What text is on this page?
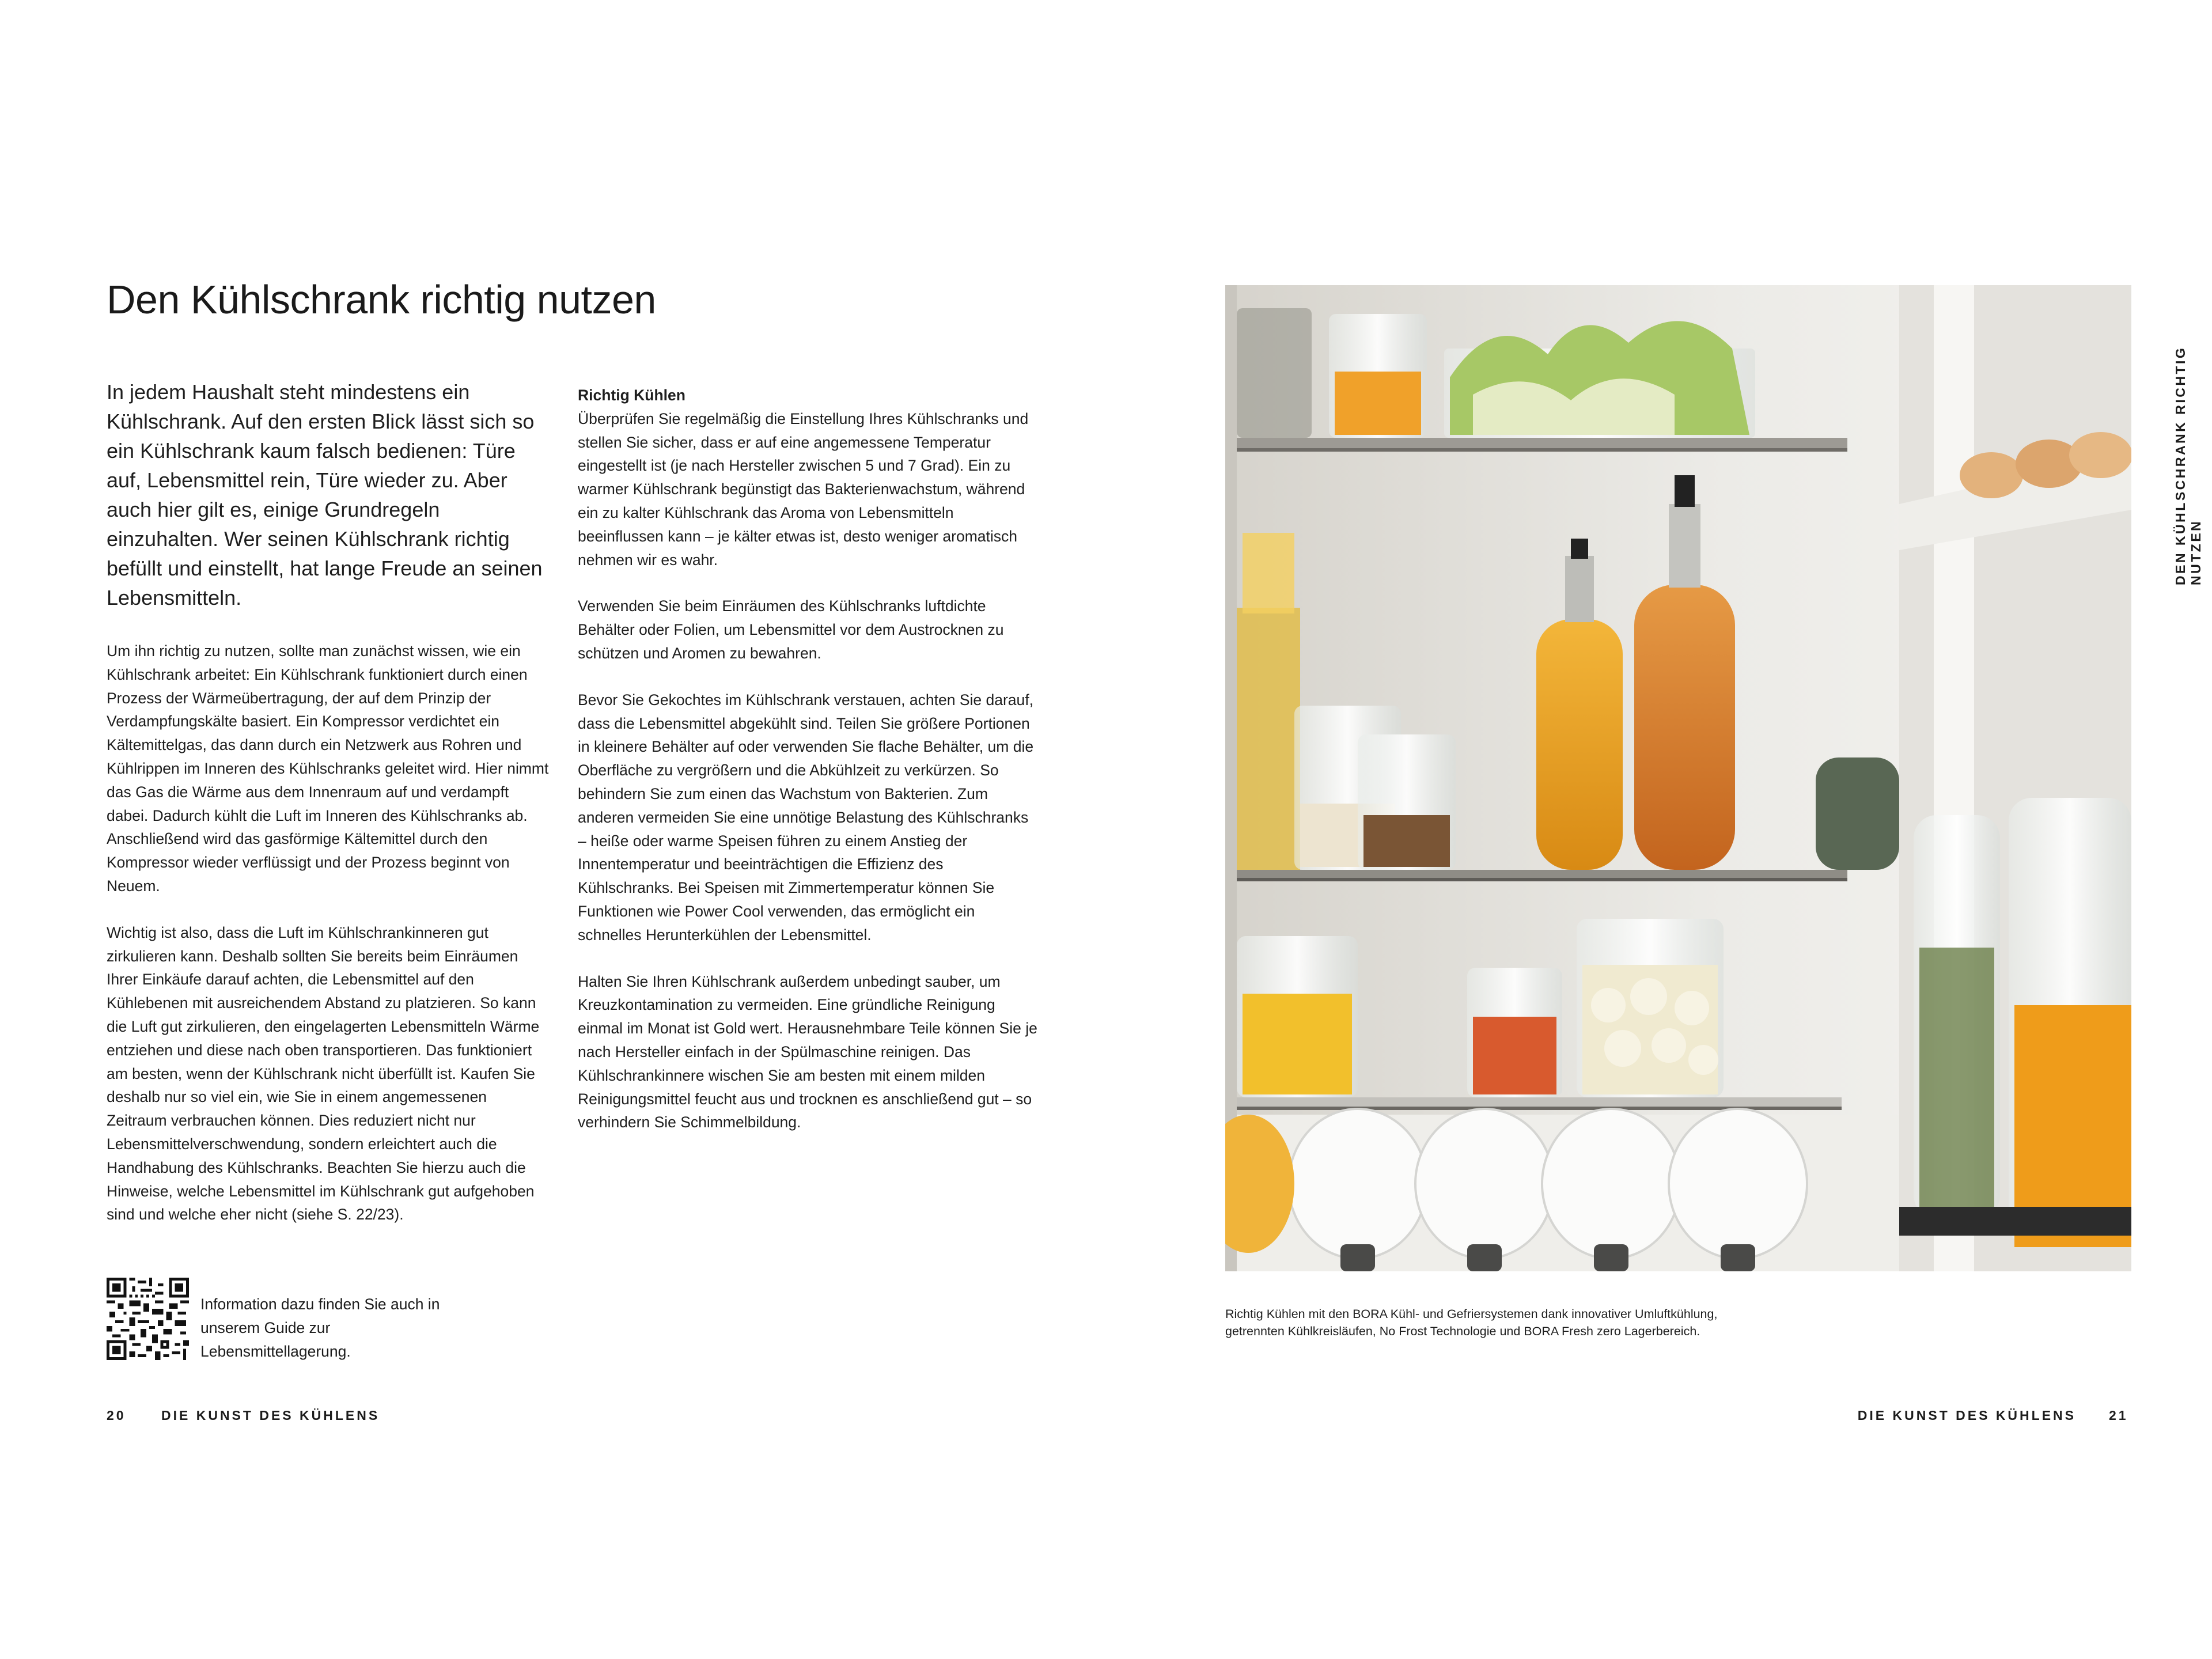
Den Kühlschrank richtig nutzen
In jedem Haushalt steht mindestens ein Kühlschrank. Auf den ersten Blick lässt sich so ein Kühlschrank kaum falsch bedienen: Türe auf, Lebensmittel rein, Türe wieder zu. Aber auch hier gilt es, einige Grundregeln einzuhalten. Wer seinen Kühlschrank richtig befüllt und einstellt, hat lange Freude an seinen Lebensmitteln.

Um ihn richtig zu nutzen, sollte man zunächst wissen, wie ein Kühlschrank arbeitet: Ein Kühlschrank funktioniert durch einen Prozess der Wärmeübertragung, der auf dem Prinzip der Verdampfungskälte basiert. Ein Kompressor verdichtet ein Kältemittelgas, das dann durch ein Netzwerk aus Rohren und Kühlrippen im Inneren des Kühlschranks geleitet wird. Hier nimmt das Gas die Wärme aus dem Innenraum auf und verdampft dabei. Dadurch kühlt die Luft im Inneren des Kühlschranks ab. Anschließend wird das gasförmige Kältemittel durch den Kompressor wieder verflüssigt und der Prozess beginnt von Neuem.

Wichtig ist also, dass die Luft im Kühlschrankinneren gut zirkulieren kann. Deshalb sollten Sie bereits beim Einräumen Ihrer Einkäufe darauf achten, die Lebensmittel auf den Kühlebenen mit ausreichendem Abstand zu platzieren. So kann die Luft gut zirkulieren, den eingelagerten Lebensmitteln Wärme entziehen und diese nach oben transportieren. Das funktioniert am besten, wenn der Kühlschrank nicht überfüllt ist. Kaufen Sie deshalb nur so viel ein, wie Sie in einem angemessenen Zeitraum verbrauchen können. Dies reduziert nicht nur Lebensmittelverschwendung, sondern erleichtert auch die Handhabung des Kühlschranks. Beachten Sie hierzu auch die Hinweise, welche Lebensmittel im Kühlschrank gut aufgehoben sind und welche eher nicht (siehe S. 22/23).

Richtig Kühlen

Überprüfen Sie regelmäßig die Einstellung Ihres Kühlschranks und stellen Sie sicher, dass er auf eine angemessene Temperatur eingestellt ist (je nach Hersteller zwischen 5 und 7 Grad). Ein zu warmer Kühlschrank begünstigt das Bakterienwachstum, während ein zu kalter Kühlschrank das Aroma von Lebensmitteln beeinflussen kann – je kälter etwas ist, desto weniger aromatisch nehmen wir es wahr.

Verwenden Sie beim Einräumen des Kühlschranks luftdichte Behälter oder Folien, um Lebensmittel vor dem Austrocknen zu schützen und Aromen zu bewahren.

Bevor Sie Gekochtes im Kühlschrank verstauen, achten Sie darauf, dass die Lebensmittel abgekühlt sind. Teilen Sie größere Portionen in kleinere Behälter auf oder verwenden Sie flache Behälter, um die Oberfläche zu vergrößern und die Abkühlzeit zu verkürzen. So behindern Sie zum einen das Wachstum von Bakterien. Zum anderen vermeiden Sie eine unnötige Belastung des Kühlschranks – heiße oder warme Speisen führen zu einem Anstieg der Innentemperatur und beeinträchtigen die Effizienz des Kühlschranks. Bei Speisen mit Zimmertemperatur können Sie Funktionen wie Power Cool verwenden, das ermöglicht ein schnelles Herunterkühlen der Lebensmittel.

Halten Sie Ihren Kühlschrank außerdem unbedingt sauber, um Kreuzkontamination zu vermeiden. Eine gründliche Reinigung einmal im Monat ist Gold wert. Herausnehmbare Teile können Sie je nach Hersteller einfach in der Spülmaschine reinigen. Das Kühlschrankinnere wischen Sie am besten mit einem milden Reinigungsmittel feucht aus und trocknen es anschließend gut – so verhindern Sie Schimmelbildung.

Information dazu finden Sie auch in unserem Guide zur Lebensmittellagerung.
20	DIE KUNST DES KÜHLENS
Richtig Kühlen mit den BORA Kühl- und Gefriersystemen dank innovativer Umluftkühlung, getrennten Kühlkreisläufen, No Frost Technologie und BORA Fresh zero Lagerbereich.
DEN KÜHLSCHRANK RICHTIG NUTZEN
DIE KUNST DES KÜHLENS 21
